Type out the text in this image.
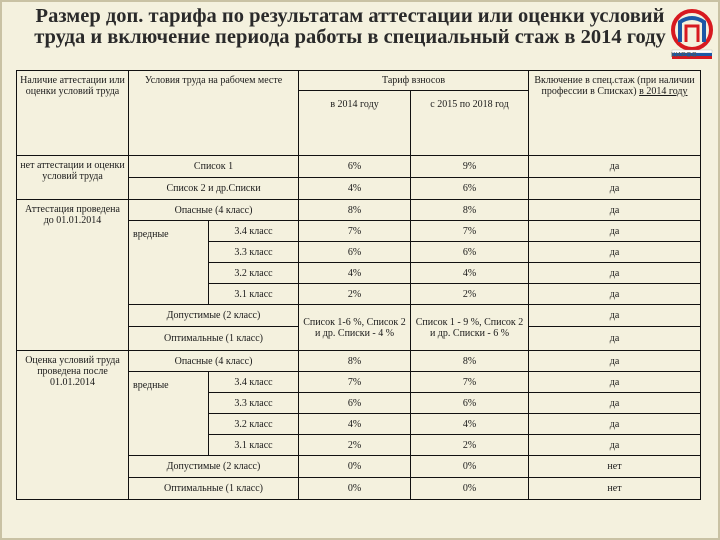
Размер доп. тарифа по результатам аттестации или оценки условий труда и включение периода работы в специальный стаж в 2014 году
КИРОВ
Наличие аттестации или оценки условий труда	Условия труда на рабочем месте		Тариф взносов		Включение в спец.стаж (при наличии профессии в Списках) в 2014 году
			в 2014 году	с 2015 по 2018 год	
нет аттестации и оценки условий труда	Список 1		6%	9%	да
	Список 2 и др.Списки		4%	6%	да
Аттестация проведена до 01.01.2014	Опасные (4 класс)		8%	8%	да
	вредные	3.4 класс	7%	7%	да
		3.3 класс	6%	6%	да
		3.2 класс	4%	4%	да
		3.1 класс	2%	2%	да
	Допустимые (2 класс)		Список 1-6 %, Список 2 и др. Списки - 4 %	Список 1 - 9 %, Список 2 и др. Списки - 6 %	да
	Оптимальные (1 класс)				да
Оценка условий труда проведена после 01.01.2014	Опасные (4 класс)		8%	8%	да
	вредные	3.4 класс	7%	7%	да
		3.3 класс	6%	6%	да
		3.2 класс	4%	4%	да
		3.1 класс	2%	2%	да
	Допустимые (2 класс)		0%	0%	нет
	Оптимальные (1 класс)		0%	0%	нет
